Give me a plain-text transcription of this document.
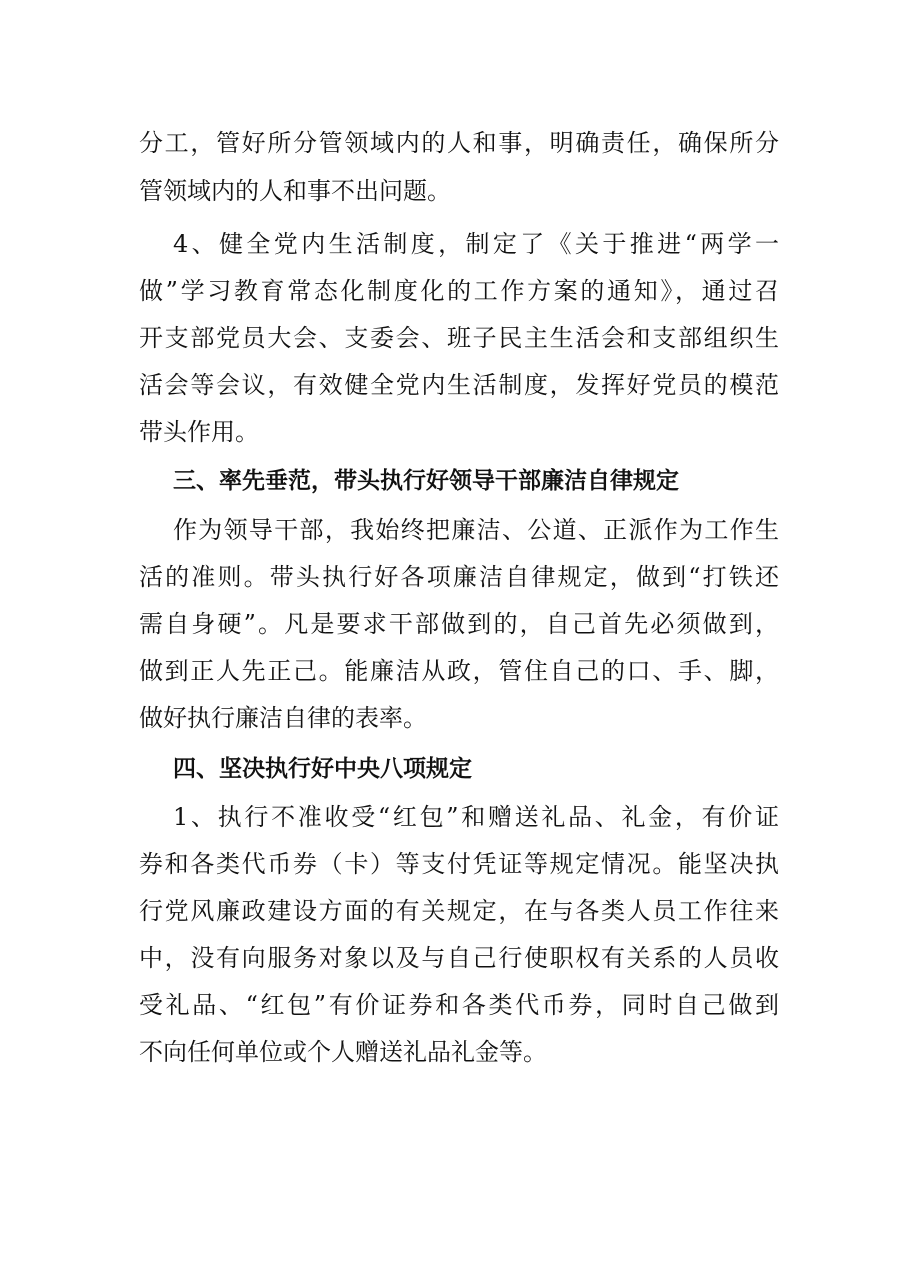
分工，管好所分管领域内的人和事，明确责任，确保所分
管领域内的人和事不出问题。
4、健全党内生活制度，制定了《关于推进“两学一
做”学习教育常态化制度化的工作方案的通知》，通过召
开支部党员大会、支委会、班子民主生活会和支部组织生
活会等会议，有效健全党内生活制度，发挥好党员的模范
带头作用。
三、率先垂范，带头执行好领导干部廉洁自律规定
作为领导干部，我始终把廉洁、公道、正派作为工作生
活的准则。带头执行好各项廉洁自律规定，做到“打铁还
需自身硬”。凡是要求干部做到的，自己首先必须做到，
做到正人先正己。能廉洁从政，管住自己的口、手、脚，
做好执行廉洁自律的表率。
四、坚决执行好中央八项规定
1、执行不准收受“红包”和赠送礼品、礼金，有价证
券和各类代币券（卡）等支付凭证等规定情况。能坚决执
行党风廉政建设方面的有关规定，在与各类人员工作往来
中，没有向服务对象以及与自己行使职权有关系的人员收
受礼品、“红包”有价证券和各类代币券，同时自己做到
不向任何单位或个人赠送礼品礼金等。
